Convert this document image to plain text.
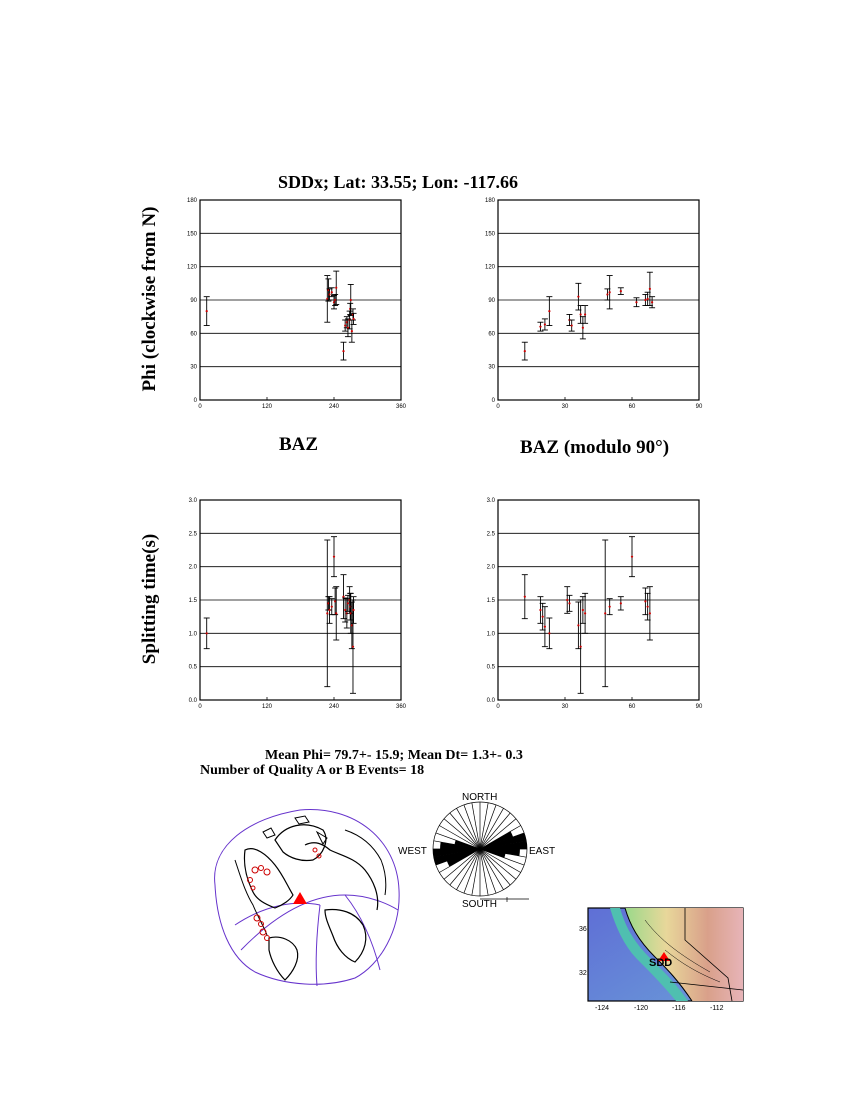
SDDx; Lat: 33.55; Lon: -117.66
Phi (clockwise from N)
Splitting time(s)
BAZ	BAZ (modulo 90°)
0
30
60
90
120
150
180
0	120	240	360
0
30
60
90
120
150
180
0	30	60	90
0.0
0.5
1.0
1.5
2.0
2.5
3.0
0	120	240	360
0.0
0.5
1.0
1.5
2.0
2.5
3.0
0	30	60	90
Mean Phi= 79.7+- 15.9; Mean Dt= 1.3+- 0.3
Number of Quality A or B Events= 18
NORTH
SOUTH
WEST	EAST
SDD
36
32
-124	-120	-116	-112
